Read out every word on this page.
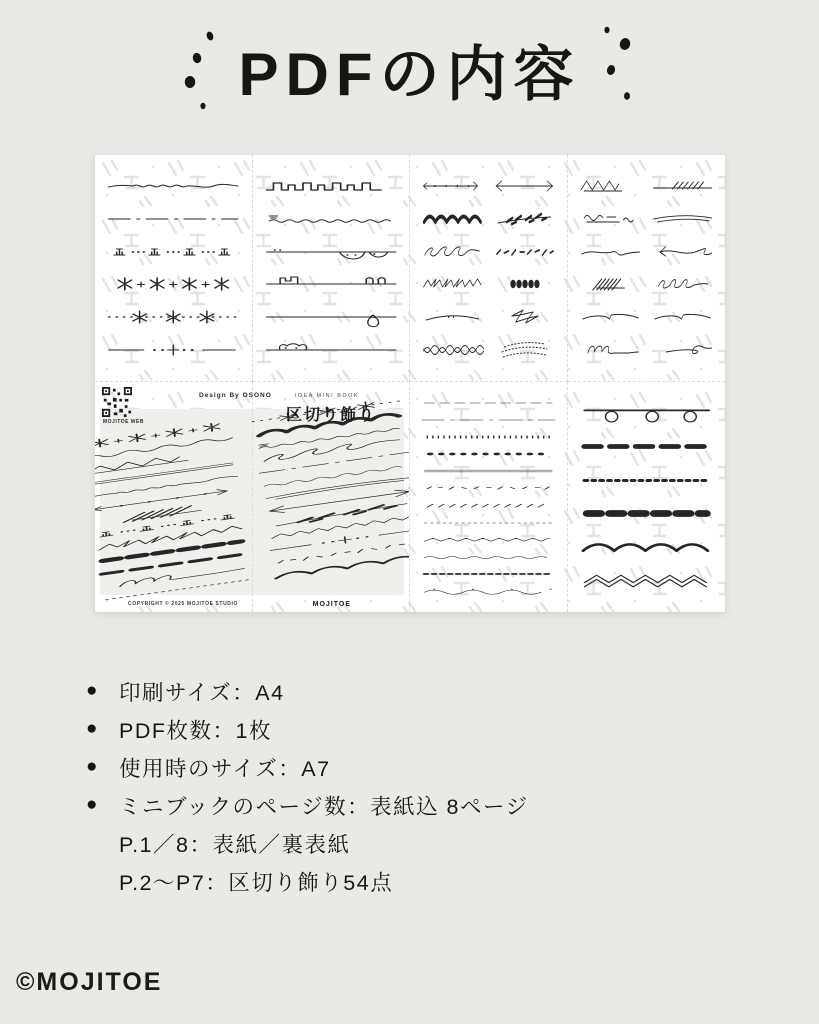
PDFの内容
MOJITOE WEB
Design By OSONO	IDEA MINI BOOK
区切り飾り
COPYRIGHT © 2025 MOJITOE STUDIO	MOJITOE
●	印刷サイズ：A4
●	PDF枚数：1枚
●	使用時のサイズ：A7
●	ミニブックのページ数：表紙込 8ページ
P.1／8：表紙／裏表紙
P.2〜P7：区切り飾り54点
©MOJITOE
